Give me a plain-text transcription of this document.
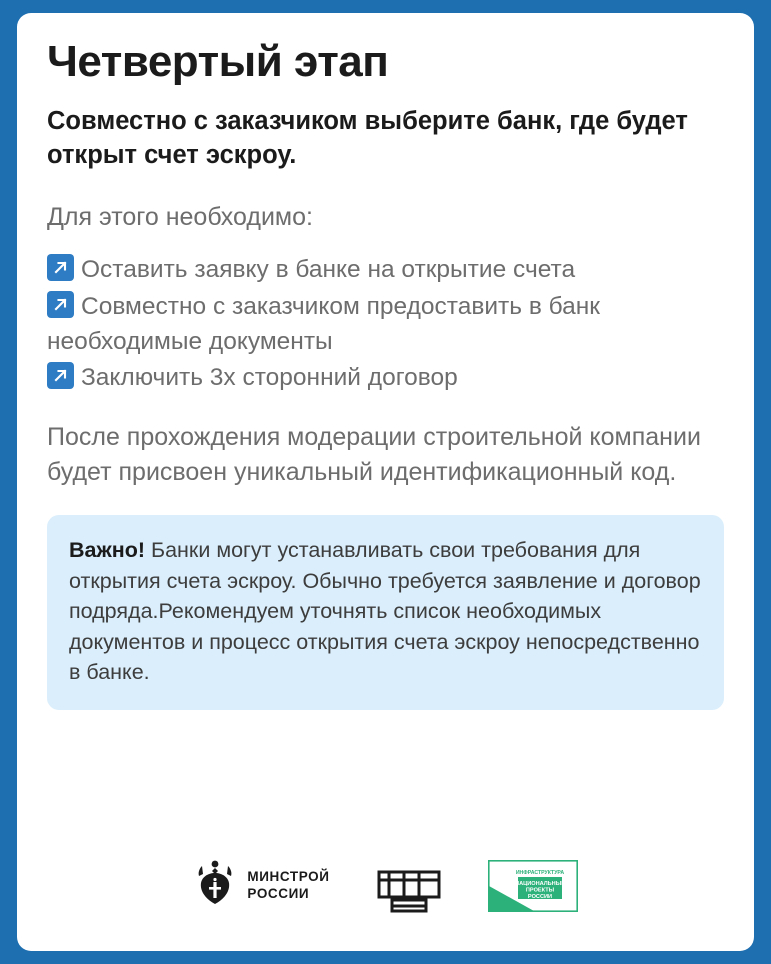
Четвертый этап
Совместно с заказчиком выберите банк, где будет открыт счет эскроу.

Для этого необходимо:

Оставить заявку в банке на открытие счета
Совместно с заказчиком предоставить в банк необходимые документы
Заключить 3х сторонний договор

После прохождения модерации строительной компании будет присвоен уникальный идентификационный код.

Важно! Банки могут устанавливать свои требования для открытия счета эскроу. Обычно требуется заявление и договор подряда.Рекомендуем уточнять список необходимых документов и процесс открытия счета эскроу непосредственно в банке.

МИНСТРОЙ
РОССИИ
ИНФРАСТРУКТУРА
НАЦИОНАЛЬНЫЕ
ПРОЕКТЫ
РОССИИ
